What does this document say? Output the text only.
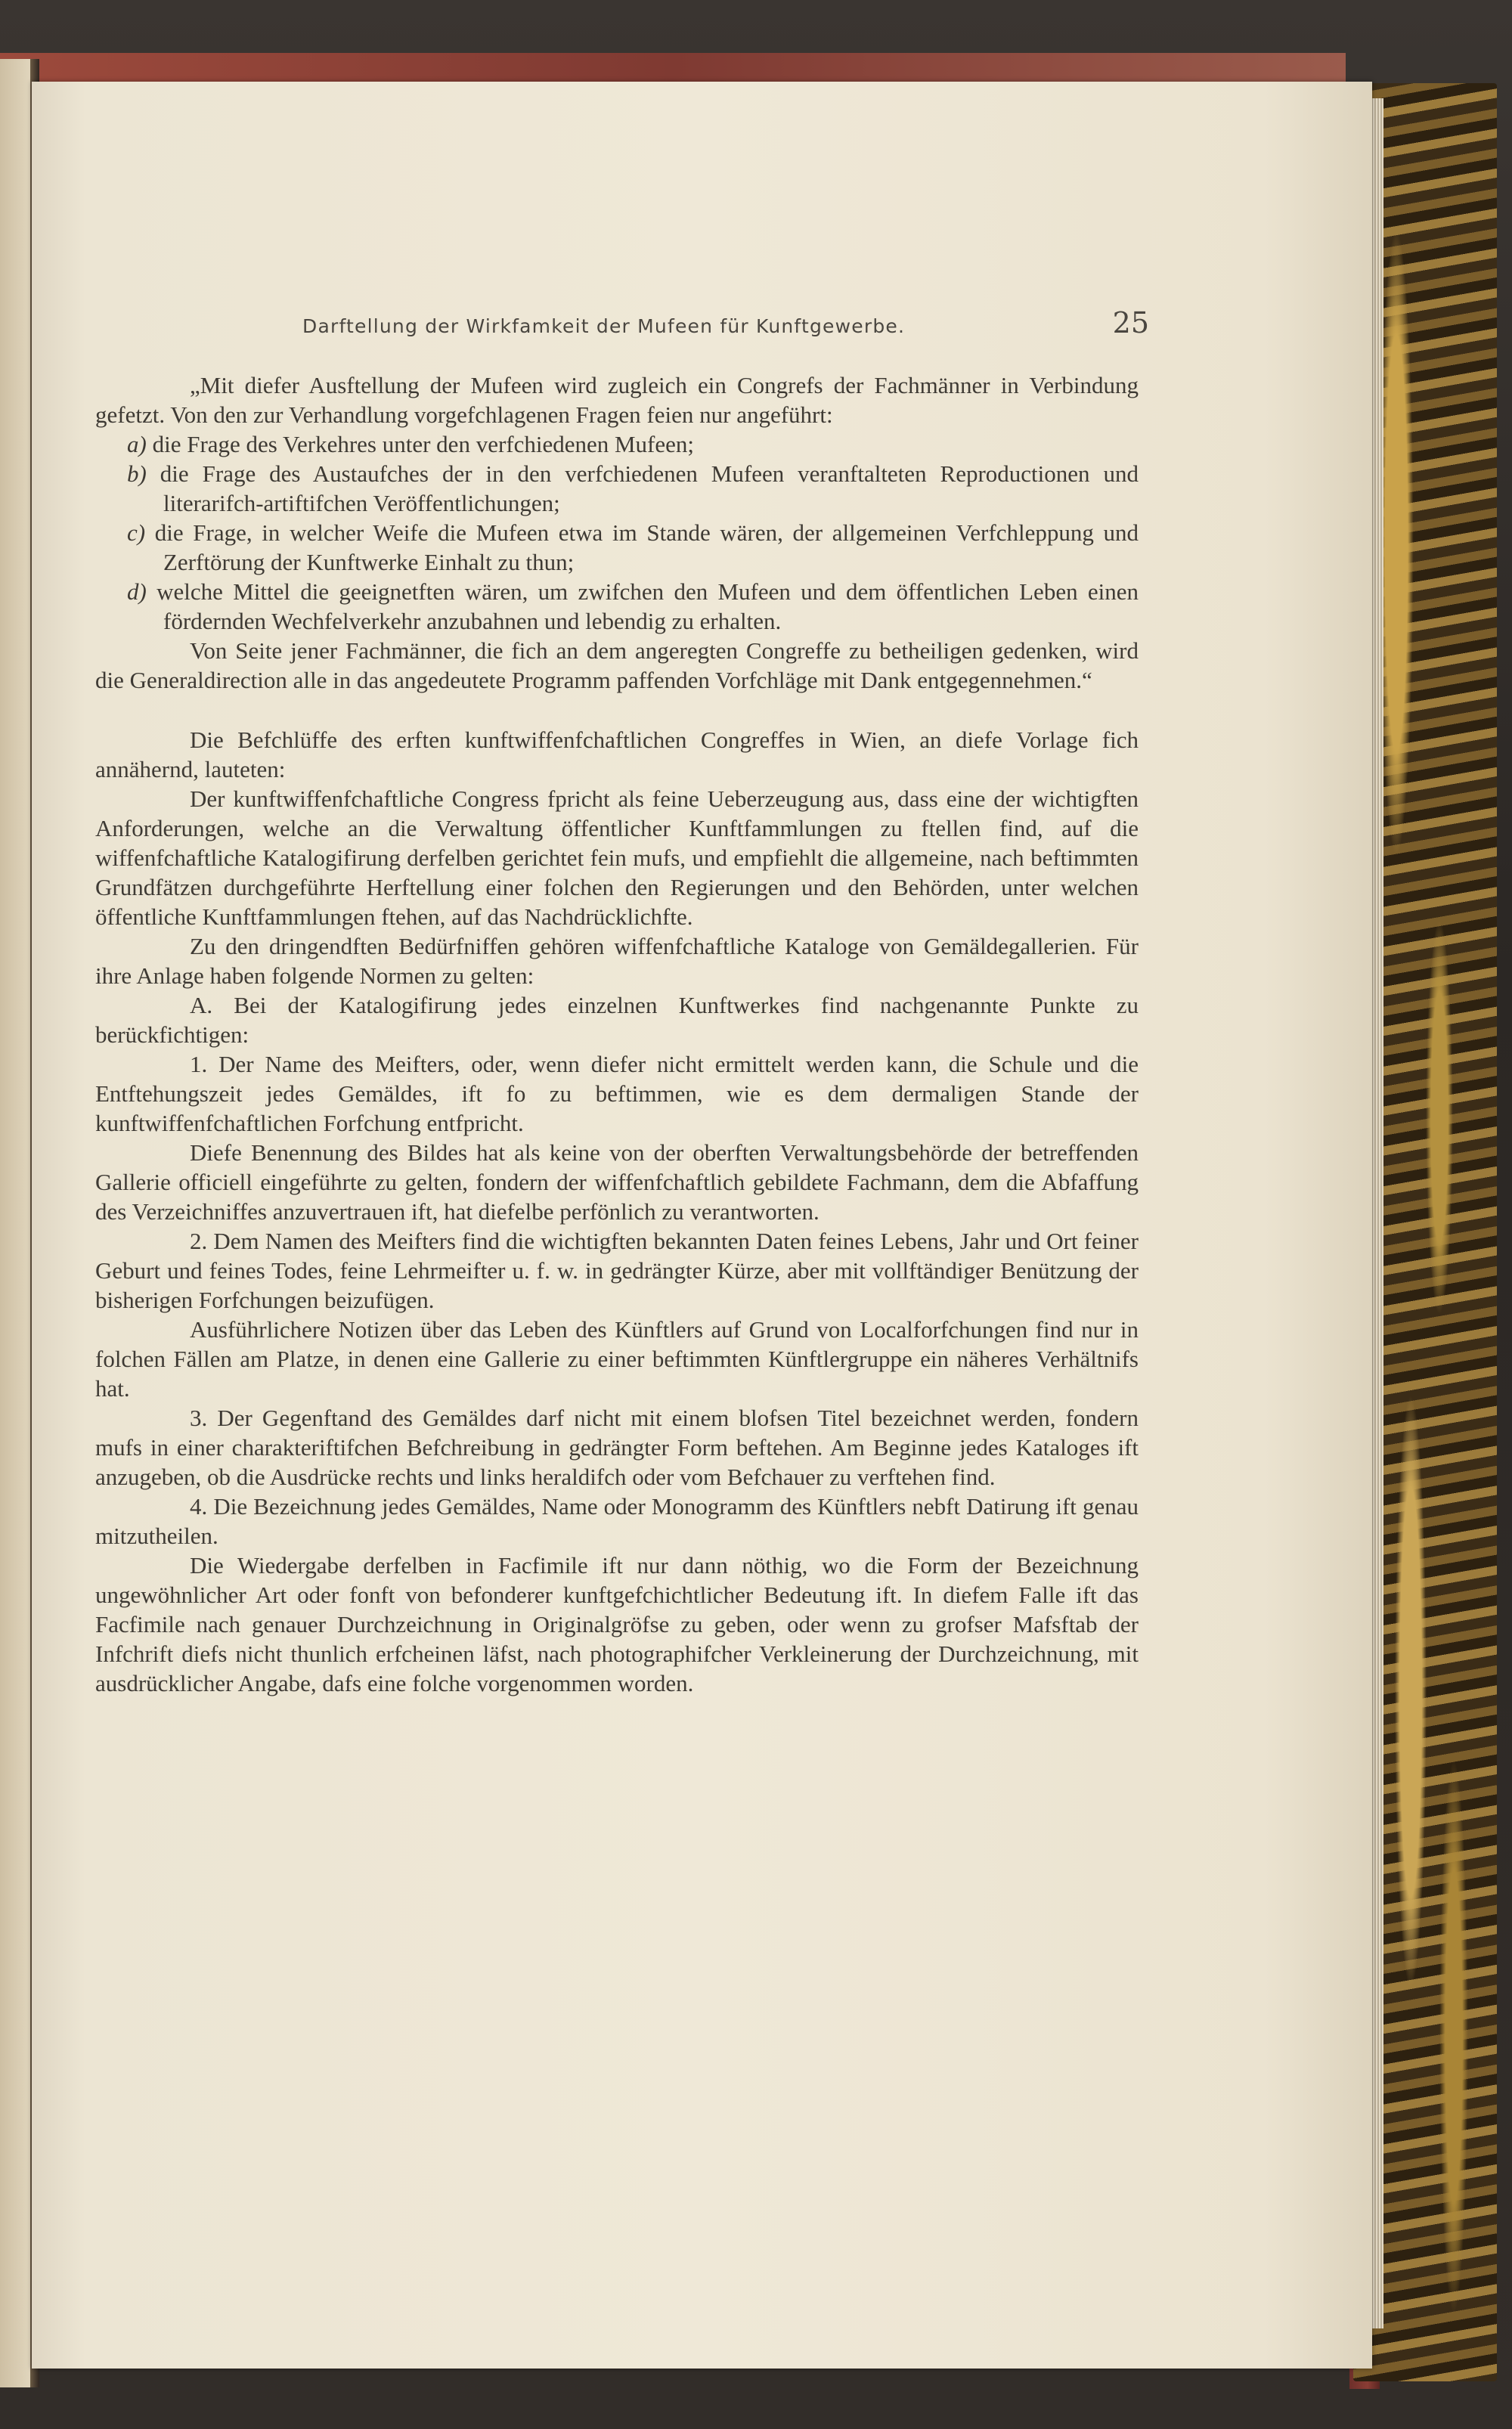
Darftellung der Wirkfamkeit der Mufeen für Kunftgewerbe.	25

„Mit diefer Ausftellung der Mufeen wird zugleich ein Congrefs der Fachmänner in Verbindung gefetzt. Von den zur Verhandlung vorgefchlagenen Fragen feien nur angeführt:

a) die Frage des Verkehres unter den verfchiedenen Mufeen;

b) die Frage des Austaufches der in den verfchiedenen Mufeen veranftalteten Reproductionen und literarifch-artiftifchen Veröffentlichungen;

c) die Frage, in welcher Weife die Mufeen etwa im Stande wären, der allgemeinen Verfchleppung und Zerftörung der Kunftwerke Einhalt zu thun;

d) welche Mittel die geeignetften wären, um zwifchen den Mufeen und dem öffentlichen Leben einen fördernden Wechfelverkehr anzubahnen und lebendig zu erhalten.

Von Seite jener Fachmänner, die fich an dem angeregten Congreffe zu betheiligen gedenken, wird die Generaldirection alle in das angedeutete Programm paffenden Vorfchläge mit Dank entgegennehmen.“

Die Befchlüffe des erften kunftwiffenfchaftlichen Congreffes in Wien, an diefe Vorlage fich annähernd, lauteten:

Der kunftwiffenfchaftliche Congress fpricht als feine Ueberzeugung aus, dass eine der wichtigften Anforderungen, welche an die Verwaltung öffentlicher Kunftfammlungen zu ftellen find, auf die wiffenfchaftliche Katalogifirung derfelben gerichtet fein mufs, und empfiehlt die allgemeine, nach beftimmten Grundfätzen durchgeführte Herftellung einer folchen den Regierungen und den Behörden, unter welchen öffentliche Kunftfammlungen ftehen, auf das Nachdrücklichfte.

Zu den dringendften Bedürfniffen gehören wiffenfchaftliche Kataloge von Gemäldegallerien. Für ihre Anlage haben folgende Normen zu gelten:

A. Bei der Katalogifirung jedes einzelnen Kunftwerkes find nachgenannte Punkte zu berückfichtigen:

1. Der Name des Meifters, oder, wenn diefer nicht ermittelt werden kann, die Schule und die Entftehungszeit jedes Gemäldes, ift fo zu beftimmen, wie es dem dermaligen Stande der kunftwiffenfchaftlichen Forfchung entfpricht.

Diefe Benennung des Bildes hat als keine von der oberften Verwaltungsbehörde der betreffenden Gallerie officiell eingeführte zu gelten, fondern der wiffenfchaftlich gebildete Fachmann, dem die Abfaffung des Verzeichniffes anzuvertrauen ift, hat diefelbe perfönlich zu verantworten.

2. Dem Namen des Meifters find die wichtigften bekannten Daten feines Lebens, Jahr und Ort feiner Geburt und feines Todes, feine Lehrmeifter u. f. w. in gedrängter Kürze, aber mit vollftändiger Benützung der bisherigen Forfchungen beizufügen.

Ausführlichere Notizen über das Leben des Künftlers auf Grund von Localforfchungen find nur in folchen Fällen am Platze, in denen eine Gallerie zu einer beftimmten Künftlergruppe ein näheres Verhältnifs hat.

3. Der Gegenftand des Gemäldes darf nicht mit einem blofsen Titel bezeichnet werden, fondern mufs in einer charakteriftifchen Befchreibung in gedrängter Form beftehen. Am Beginne jedes Kataloges ift anzugeben, ob die Ausdrücke rechts und links heraldifch oder vom Befchauer zu verftehen find.

4. Die Bezeichnung jedes Gemäldes, Name oder Monogramm des Künftlers nebft Datirung ift genau mitzutheilen.

Die Wiedergabe derfelben in Facfimile ift nur dann nöthig, wo die Form der Bezeichnung ungewöhnlicher Art oder fonft von befonderer kunftgefchichtlicher Bedeutung ift. In diefem Falle ift das Facfimile nach genauer Durchzeichnung in Originalgröfse zu geben, oder wenn zu grofser Mafsftab der Infchrift diefs nicht thunlich erfcheinen läfst, nach photographifcher Verkleinerung der Durchzeichnung, mit ausdrücklicher Angabe, dafs eine folche vorgenommen worden.
